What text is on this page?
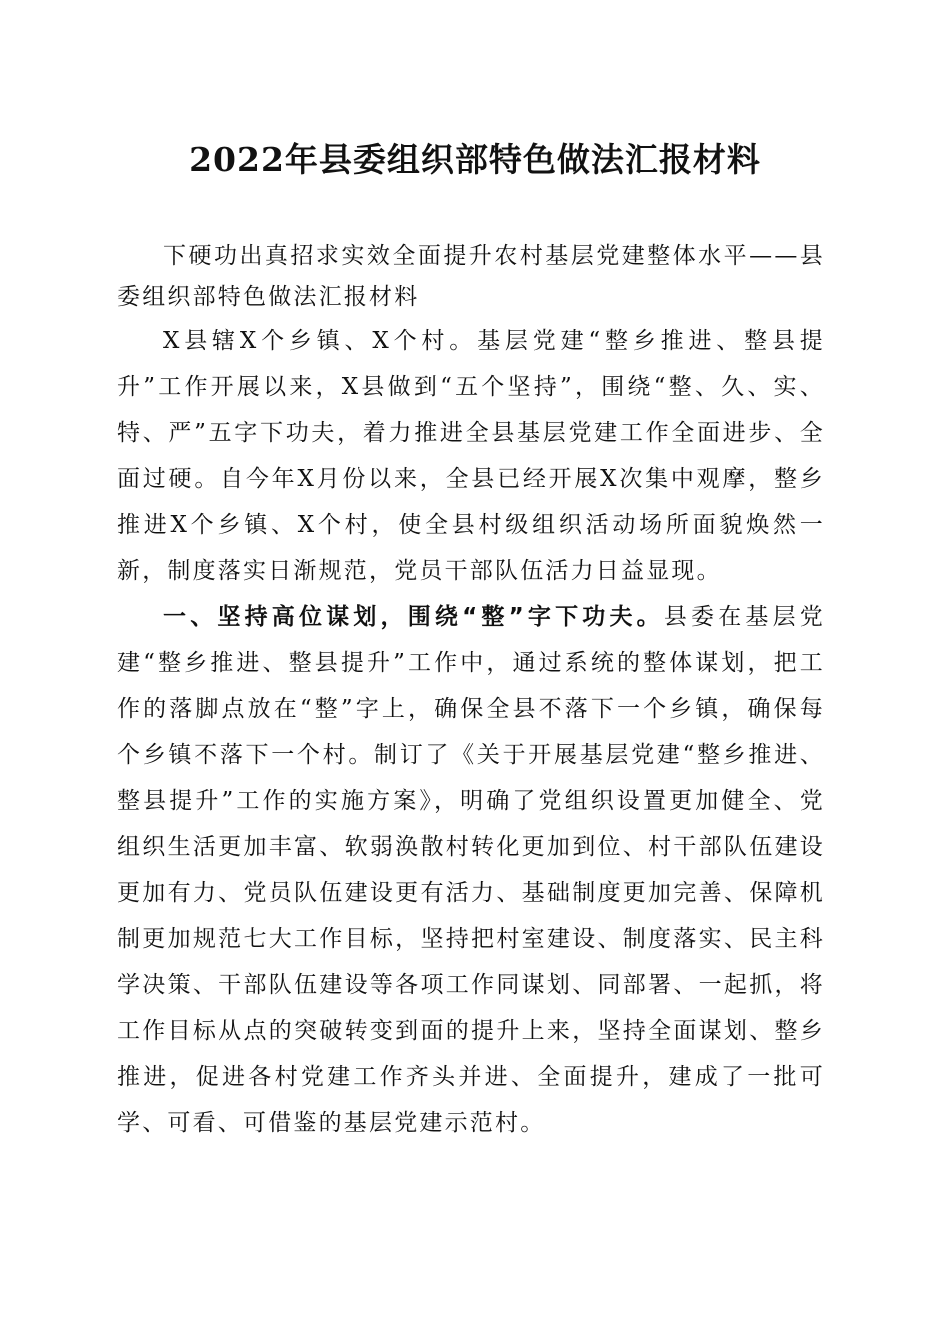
2022年县委组织部特色做法汇报材料

下硬功出真招求实效全面提升农村基层党建整体水平——县委组织部特色做法汇报材料

X县辖X个乡镇、X个村。基层党建“整乡推进、整县提升”工作开展以来，X县做到“五个坚持”，围绕“整、久、实、特、严”五字下功夫，着力推进全县基层党建工作全面进步、全面过硬。自今年X月份以来，全县已经开展X次集中观摩，整乡推进X个乡镇、X个村，使全县村级组织活动场所面貌焕然一新，制度落实日渐规范，党员干部队伍活力日益显现。

一、坚持高位谋划，围绕“整”字下功夫。县委在基层党建“整乡推进、整县提升”工作中，通过系统的整体谋划，把工作的落脚点放在“整”字上，确保全县不落下一个乡镇，确保每个乡镇不落下一个村。制订了《关于开展基层党建“整乡推进、整县提升”工作的实施方案》，明确了党组织设置更加健全、党组织生活更加丰富、软弱涣散村转化更加到位、村干部队伍建设更加有力、党员队伍建设更有活力、基础制度更加完善、保障机制更加规范七大工作目标，坚持把村室建设、制度落实、民主科学决策、干部队伍建设等各项工作同谋划、同部署、一起抓，将工作目标从点的突破转变到面的提升上来，坚持全面谋划、整乡推进，促进各村党建工作齐头并进、全面提升，建成了一批可学、可看、可借鉴的基层党建示范村。
